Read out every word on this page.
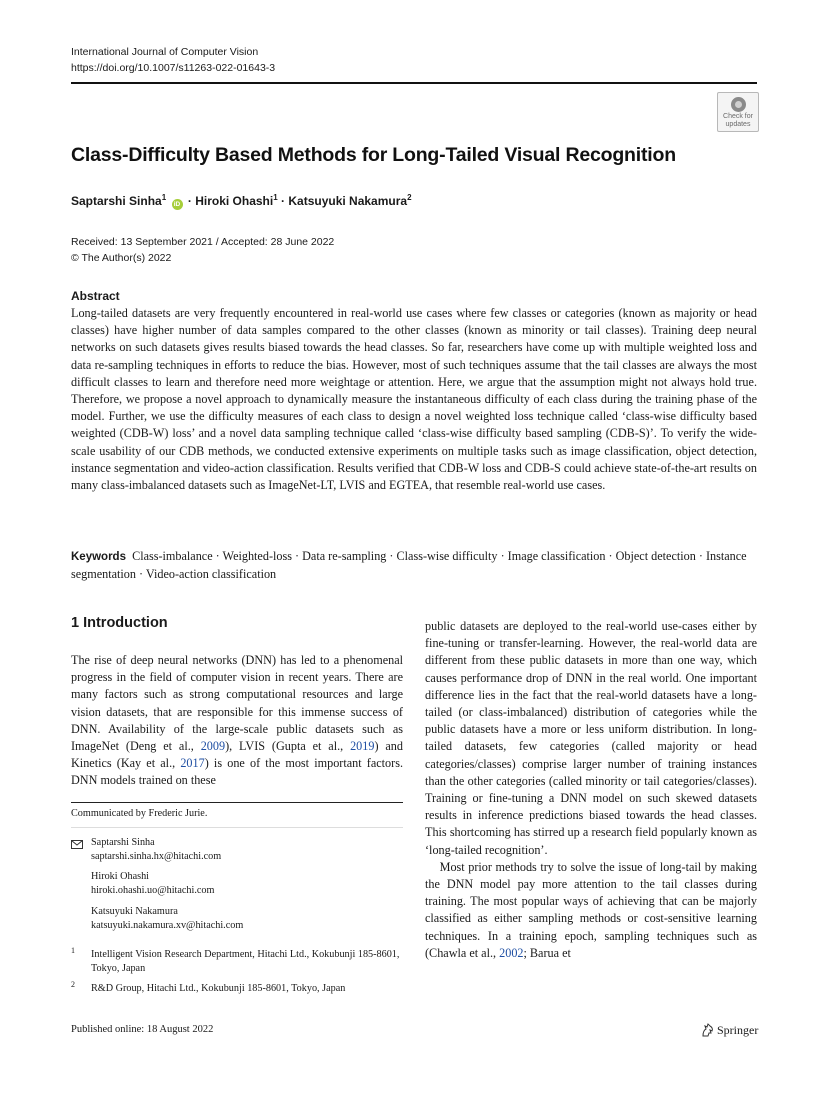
International Journal of Computer Vision
https://doi.org/10.1007/s11263-022-01643-3
Check for
updates
Class-Difficulty Based Methods for Long-Tailed Visual Recognition
Saptarshi Sinha$^1$ iD · Hiroki Ohashi$^1$ · Katsuyuki Nakamura$^2$
Received: 13 September 2021 / Accepted: 28 June 2022
© The Author(s) 2022
Abstract
Long-tailed datasets are very frequently encountered in real-world use cases where few classes or categories (known as majority or head classes) have higher number of data samples compared to the other classes (known as minority or tail classes). Training deep neural networks on such datasets gives results biased towards the head classes. So far, researchers have come up with multiple weighted loss and data re-sampling techniques in efforts to reduce the bias. However, most of such techniques assume that the tail classes are always the most difficult classes to learn and therefore need more weightage or attention. Here, we argue that the assumption might not always hold true. Therefore, we propose a novel approach to dynamically measure the instantaneous difficulty of each class during the training phase of the model. Further, we use the difficulty measures of each class to design a novel weighted loss technique called ‘class-wise difficulty based weighted (CDB-W) loss’ and a novel data sampling technique called ‘class-wise difficulty based sampling (CDB-S)’. To verify the wide-scale usability of our CDB methods, we conducted extensive experiments on multiple tasks such as image classification, object detection, instance segmentation and video-action classification. Results verified that CDB-W loss and CDB-S could achieve state-of-the-art results on many class-imbalanced datasets such as ImageNet-LT, LVIS and EGTEA, that resemble real-world use cases.
Keywords Class-imbalance · Weighted-loss · Data re-sampling · Class-wise difficulty · Image classification · Object detection · Instance segmentation · Video-action classification
1 Introduction
The rise of deep neural networks (DNN) has led to a phenomenal progress in the field of computer vision in recent years. There are many factors such as strong computational resources and large vision datasets, that are responsible for this immense success of DNN. Availability of the large-scale public datasets such as ImageNet (Deng et al., 2009), LVIS (Gupta et al., 2019) and Kinetics (Kay et al., 2017) is one of the most important factors. DNN models trained on these
Communicated by Frederic Jurie.
Saptarshi Sinha
saptarshi.sinha.hx@hitachi.com
Hiroki Ohashi
hiroki.ohashi.uo@hitachi.com
Katsuyuki Nakamura
katsuyuki.nakamura.xv@hitachi.com
1 Intelligent Vision Research Department, Hitachi Ltd., Kokubunji 185-8601, Tokyo, Japan
2 R&D Group, Hitachi Ltd., Kokubunji 185-8601, Tokyo, Japan

public datasets are deployed to the real-world use-cases either by fine-tuning or transfer-learning. However, the real-world data are different from these public datasets in more than one way, which causes performance drop of DNN in the real world. One important difference lies in the fact that the real-world datasets have a long-tailed (or class-imbalanced) distribution of categories while the public datasets have a more or less uniform distribution. In long-tailed datasets, few categories (called majority or head categories/classes) comprise larger number of training instances than the other categories (called minority or tail categories/classes). Training or fine-tuning a DNN model on such skewed datasets results in inference predictions biased towards the head classes. This shortcoming has stirred up a research field popularly known as ‘long-tailed recognition’.

Most prior methods try to solve the issue of long-tail by making the DNN model pay more attention to the tail classes during training. The most popular ways of achieving that can be majorly classified as either sampling methods or cost-sensitive learning techniques. In a training epoch, sampling techniques such as (Chawla et al., 2002; Barua et

Published online: 18 August 2022	Springer
